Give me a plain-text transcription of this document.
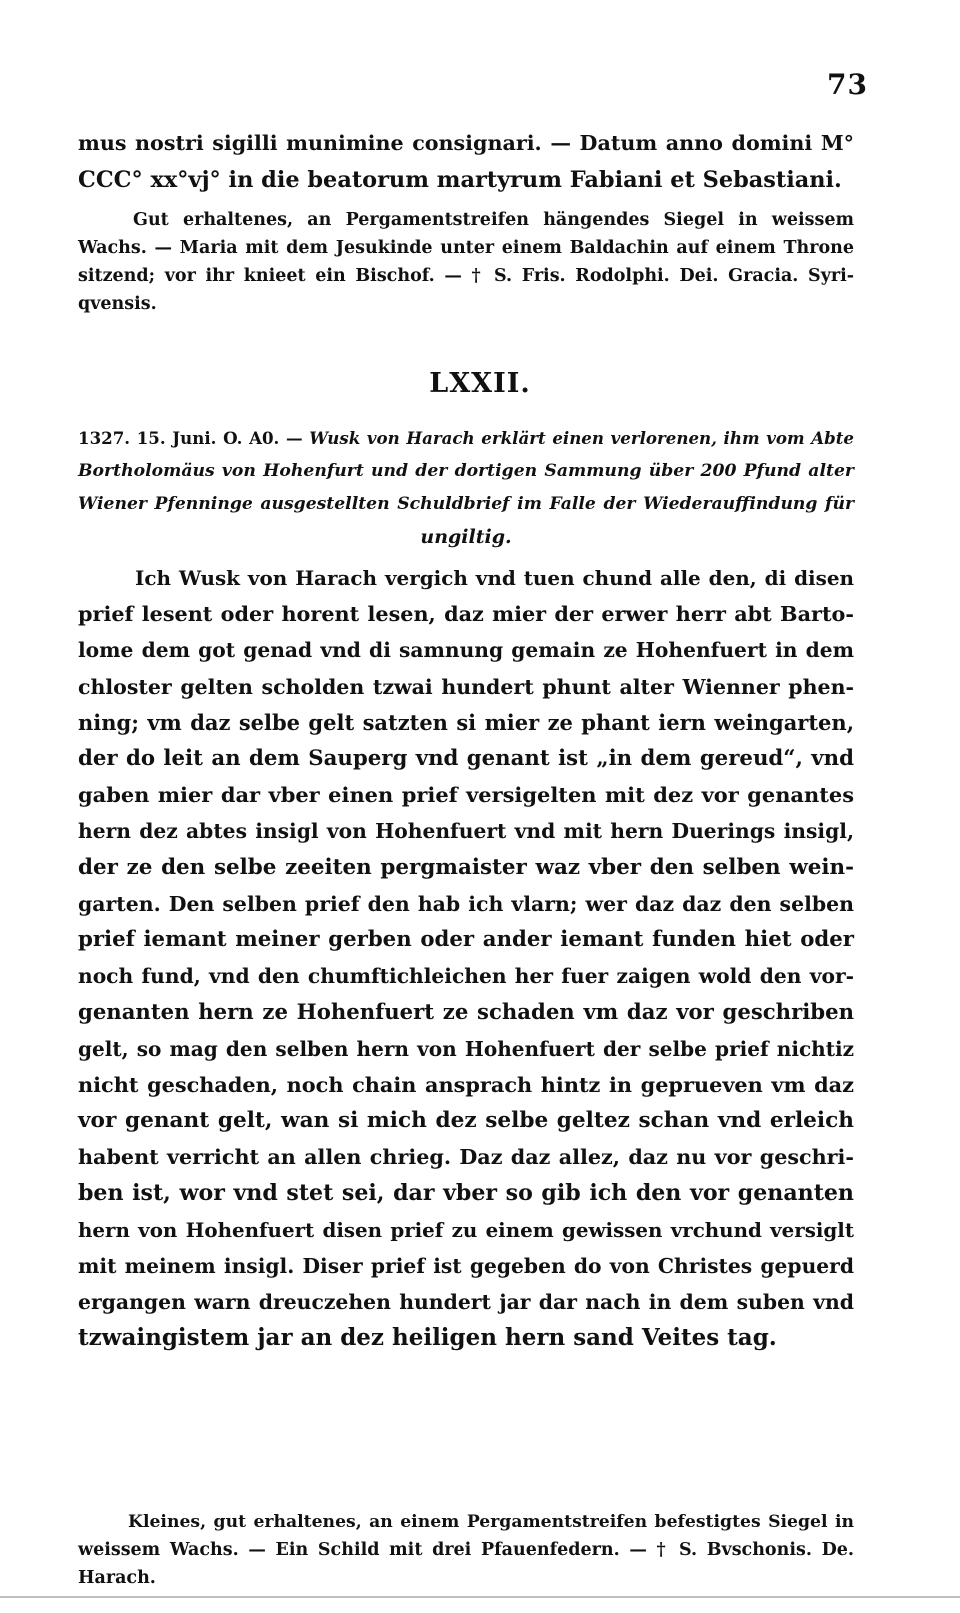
73
mus nostri sigilli munimine consignari. — Datum anno domini M°
CCC° xx°vj° in die beatorum martyrum Fabiani et Sebastiani.
Gut erhaltenes, an Pergamentstreifen hängendes Siegel in weissem
Wachs. — Maria mit dem Jesukinde unter einem Baldachin auf einem Throne
sitzend; vor ihr knieet ein Bischof. — † S. Fris. Rodolphi. Dei. Gracia. Syri-
qvensis.
LXXII.
1327. 15. Juni. O. A0. — Wusk von Harach erklärt einen verlorenen, ihm vom Abte
Bortholomäus von Hohenfurt und der dortigen Sammung über 200 Pfund alter
Wiener Pfenninge ausgestellten Schuldbrief im Falle der Wiederauffindung für
ungiltig.
Ich Wusk von Harach vergich vnd tuen chund alle den, di disen
prief lesent oder horent lesen, daz mier der erwer herr abt Barto-
lome dem got genad vnd di samnung gemain ze Hohenfuert in dem
chloster gelten scholden tzwai hundert phunt alter Wienner phen-
ning; vm daz selbe gelt satzten si mier ze phant iern weingarten,
der do leit an dem Sauperg vnd genant ist „in dem gereud“, vnd
gaben mier dar vber einen prief versigelten mit dez vor genantes
hern dez abtes insigl von Hohenfuert vnd mit hern Duerings insigl,
der ze den selbe zeeiten pergmaister waz vber den selben wein-
garten. Den selben prief den hab ich vlarn; wer daz daz den selben
prief iemant meiner gerben oder ander iemant funden hiet oder
noch fund, vnd den chumftichleichen her fuer zaigen wold den vor-
genanten hern ze Hohenfuert ze schaden vm daz vor geschriben
gelt, so mag den selben hern von Hohenfuert der selbe prief nichtiz
nicht geschaden, noch chain ansprach hintz in geprueven vm daz
vor genant gelt, wan si mich dez selbe geltez schan vnd erleich
habent verricht an allen chrieg. Daz daz allez, daz nu vor geschri-
ben ist, wor vnd stet sei, dar vber so gib ich den vor genanten
hern von Hohenfuert disen prief zu einem gewissen vrchund versiglt
mit meinem insigl. Diser prief ist gegeben do von Christes gepuerd
ergangen warn dreuczehen hundert jar dar nach in dem suben vnd
tzwaingistem jar an dez heiligen hern sand Veites tag.
Kleines, gut erhaltenes, an einem Pergamentstreifen befestigtes Siegel in
weissem Wachs. — Ein Schild mit drei Pfauenfedern. — † S. Bvschonis. De.
Harach.
